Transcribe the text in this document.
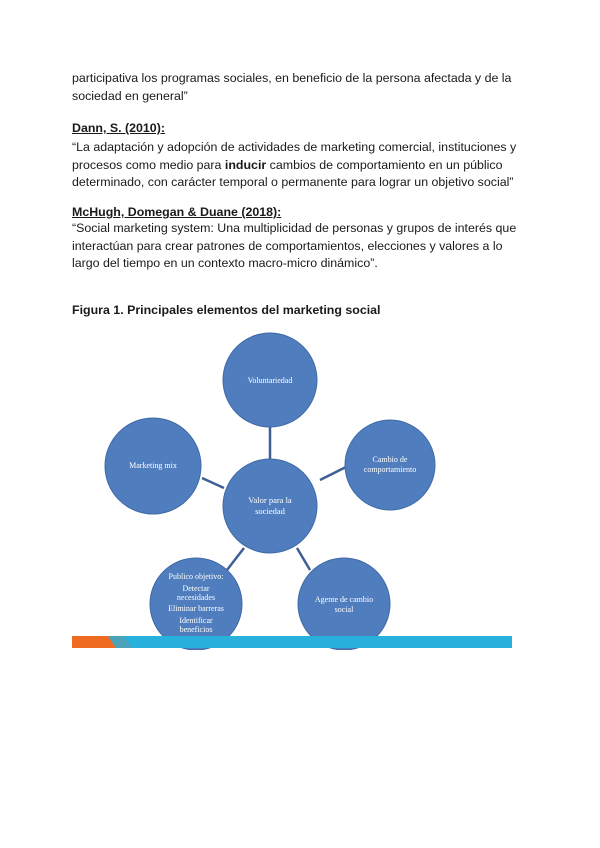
participativa los programas sociales, en beneficio de la persona afectada y de la
sociedad en general”

Dann, S. (2010):

“La adaptación y adopción de actividades de marketing comercial, instituciones y procesos como medio para inducir cambios de comportamiento en un público determinado, con carácter temporal o permanente para lograr un objetivo social”

McHugh, Domegan & Duane (2018):

“Social marketing system: Una multiplicidad de personas y grupos de interés que interactúan para crear patrones de comportamientos, elecciones y valores a lo largo del tiempo en un contexto macro-micro dinámico”.

Figura 1. Principales elementos del marketing social

Voluntariedad
Marketing mix
Cambio de
comportamiento
Valor para la
sociedad
Agente de cambio
social
Publico objetivo:
Detectar
necesidades
Eliminar barreras
Identificar
beneficios
